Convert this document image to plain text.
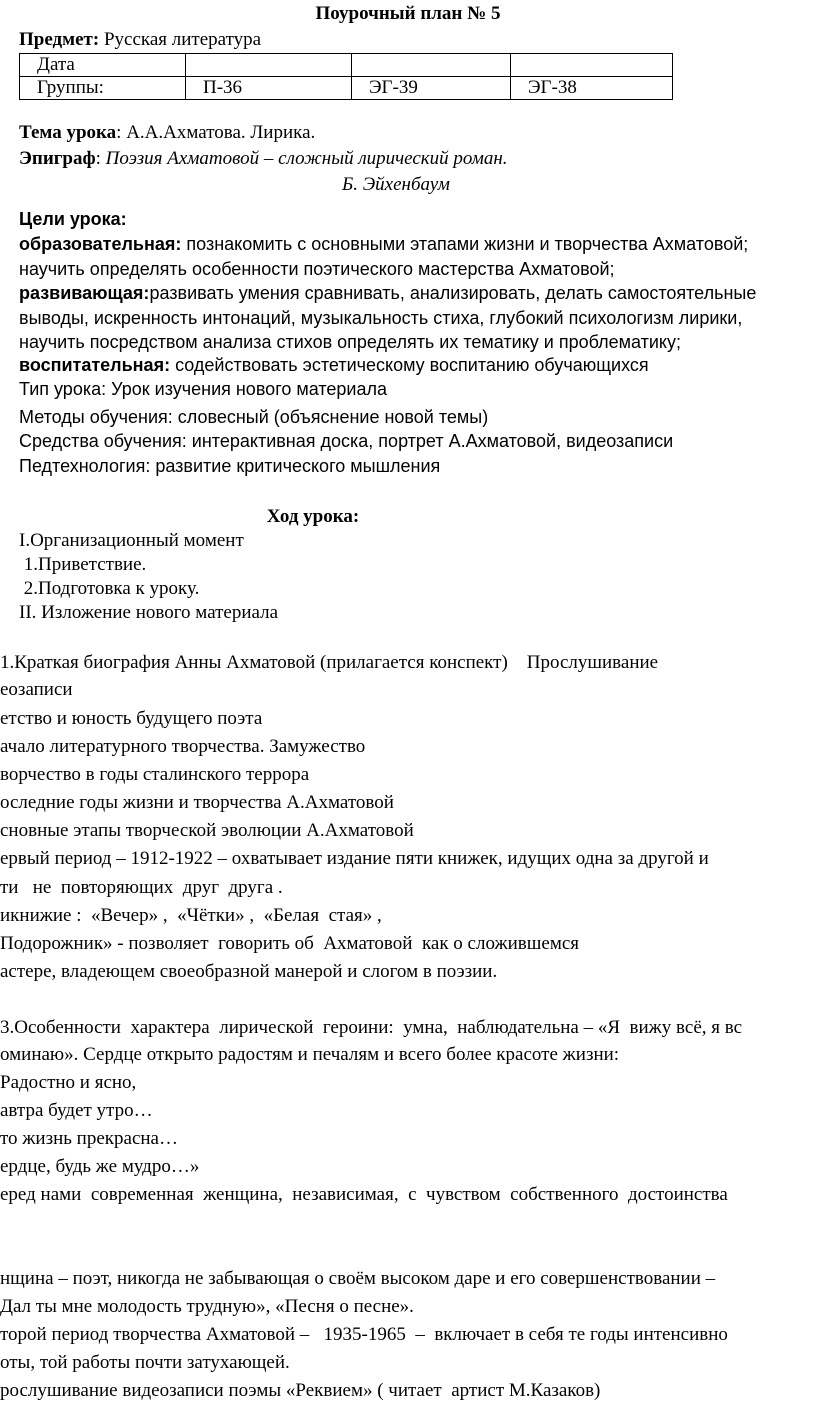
Поурочный план № 5
Предмет: Русская литература
Дата			
Группы:	П-36	ЭГ-39	ЭГ-38
Тема урока: А.А.Ахматова. Лирика.
Эпиграф: Поэзия Ахматовой – сложный лирический роман.
Б. Эйхенбаум
Цели урока:
образовательная: познакомить с основными этапами жизни и творчества Ахматовой;
научить определять особенности поэтического мастерства Ахматовой;
развивающая:развивать умения сравнивать, анализировать, делать самостоятельные
выводы, искренность интонаций, музыкальность стиха, глубокий психологизм лирики,
научить посредством анализа стихов определять их тематику и проблематику;
воспитательная: содействовать эстетическому воспитанию обучающихся
Тип урока: Урок изучения нового материала
Методы обучения: словесный (объяснение новой темы)
Средства обучения: интерактивная доска, портрет А.Ахматовой, видеозаписи
Педтехнология: развитие критического мышления
Ход урока:
I.Организационный момент
1.Приветствие.
2.Подготовка к уроку.
II. Изложение нового материала
1.Краткая биография Анны Ахматовой (прилагается конспект)    Прослушивание
еозаписи
етство и юность будущего поэта
ачало литературного творчества. Замужество
ворчество в годы сталинского террора
оследние годы жизни и творчества А.Ахматовой
сновные этапы творческой эволюции А.Ахматовой
ервый период – 1912-1922 – охватывает издание пяти книжек, идущих одна за другой и
ти   не  повторяющих  друг  друга .
икнижие :  «Вечер» ,  «Чётки» ,  «Белая  стая» ,
Подорожник» - позволяет  говорить об  Ахматовой  как о сложившемся
астере, владеющем своеобразной манерой и слогом в поэзии.
3.Особенности  характера  лирической  героини:  умна,  наблюдательна – «Я  вижу всё, я вс
оминаю». Сердце открыто радостям и печалям и всего более красоте жизни:
Радостно и ясно,
автра будет утро…
то жизнь прекрасна…
ердце, будь же мудро…»
еред нами  современная  женщина,  независимая,  с  чувством  собственного  достоинства
нщина – поэт, никогда не забывающая о своём высоком даре и его совершенствовании –
Дал ты мне молодость трудную», «Песня о песне».
торой период творчества Ахматовой –   1935-1965  –  включает в себя те годы интенсивно
оты, той работы почти затухающей.
рослушивание видеозаписи поэмы «Реквием» ( читает  артист М.Казаков)
